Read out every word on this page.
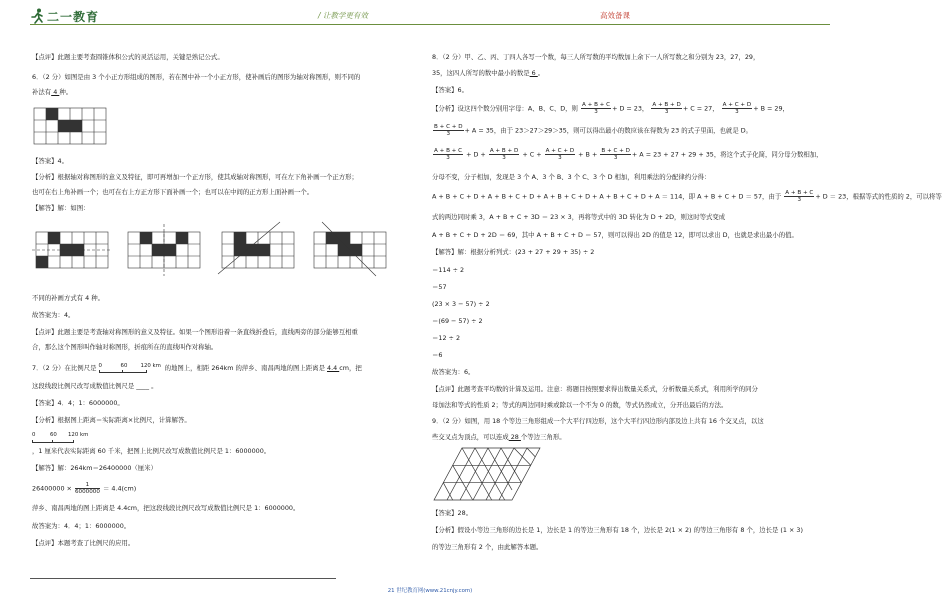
二一教育	/ 让教学更有效	高效备课
【点评】此题主要考查圆锥体积公式的灵活运用，关键是熟记公式。
6．（2 分）如图是由 3 个小正方形组成的图形，若在图中补一个小正方形，使补画后的图形为轴对称图形，则不同的
补法有 4 种。
【答案】4。
【分析】根据轴对称图形的意义及特征，即可再增加一个正方形，使其成轴对称图形，可在左下角补画一个正方形；
也可在右上角补画一个；也可在右上方正方形下面补画一个；也可以在中间的正方形上面补画一个。
【解答】解：如图：
不同的补画方式有 4 种。
故答案为：4。
【点评】此题主要是考查轴对称图形的意义及特征。如果一个图形沿着一条直线折叠后，直线两旁的部分能够互相重
合，那么这个图形叫作轴对称图形，折痕所在的直线叫作对称轴。
7．（2 分）在比例尺是 0	60 120 km 的地图上，相距 264km 的萍乡、南昌两地的图上距离是 4.4 cm，把
这段线段比例尺改写成数值比例尺是 ____ 。
【答案】4．4；1：6000000。
【分析】根据图上距离＝实际距离×比例尺，计算解答。
0	60 120 km
，1 厘米代表实际距离 60 千米，把图上比例尺改写成数值比例尺是 1：6000000。
【解答】解：264km＝26400000（厘米）
$26400000 \times \frac{1}{6000000} = 4.4(cm)$
萍乡、南昌两地的图上距离是 4.4cm，把这段线段比例尺改写成数值比例尺是 1：6000000。
故答案为：4．4；1：6000000。
【点评】本题考查了比例尺的应用。
8．（2 分）甲、乙、丙、丁四人各写一个数，每三人所写数的平均数加上余下一人所写数之和分别为 23，27，29，
35，这四人所写的数中最小的数是 6 。
【答案】6。
【分析】设这四个数分别用字母：A、B、C、D，则 $\frac{A + B + C}{3} + D = 23$， $\frac{A + B + D}{3} + C = 27$， $\frac{A + C + D}{3} + B = 29$，
$\frac{B + C + D}{3} + A = 35$，由于 23＞27＞29＞35，则可以得出最小的数应该在得数为 23 的式子里面，也就是 D。
$\frac{A + B + C}{3} + D + \frac{A + B + D}{3} + C + \frac{A + C + D}{3} + B + \frac{B + C + D}{3} + A = 23 + 27 + 29 + 35$，将这个式子化简，同分母分数相加，
分母不变，分子相加，发现是 3 个 A、3 个 B、3 个 C、3 个 D 相加，利用乘法的分配律约分得：
A + B + C + D + A + B + C + D + A + B + C + D + A + B + C + D + A ＝ 114，即 A + B + C + D ＝ 57，由于 $\frac{A + B + C}{3} + D = 23$，根据等式的性质的 2，可以将等
式的两边同时乘 3，A + B + C + 3D ＝ 23 × 3，再将等式中的 3D 转化为 D + 2D，则这时等式变成
A + B + C + D + 2D ＝ 69，其中 A + B + C + D ＝ 57，则可以得出 2D 的值是 12，即可以求出 D，也就是求出最小的值。
【解答】解：根据分析列式：(23 + 27 + 29 + 35) ÷ 2
＝114 ÷ 2
＝57
(23 × 3 − 57) ÷ 2
＝(69 − 57) ÷ 2
＝12 ÷ 2
＝6
故答案为：6。
【点评】此题考查平均数的计算及运用。注意：将题目按照要求得出数量关系式，分析数量关系式，利用所学的同分
母加法和等式的性质 2；等式的两边同时乘或除以一个不为 0 的数，等式仍然成立，分开出最后的方法。
9．（2 分）如图，用 18 个等边三角形组成一个大平行四边形，这个大平行四边形内部及边上共有 16 个交叉点，以这
些交叉点为顶点，可以连成 28 个等边三角形。
【答案】28。
【分析】假设小等边三角形的边长是 1，边长是 1 的等边三角形有 18 个，边长是 2(1 × 2) 的等边三角形有 8 个，边长是 (1 × 3)
的等边三角形有 2 个，由此解答本题。
21 世纪教育网(www.21cnjy.com)
